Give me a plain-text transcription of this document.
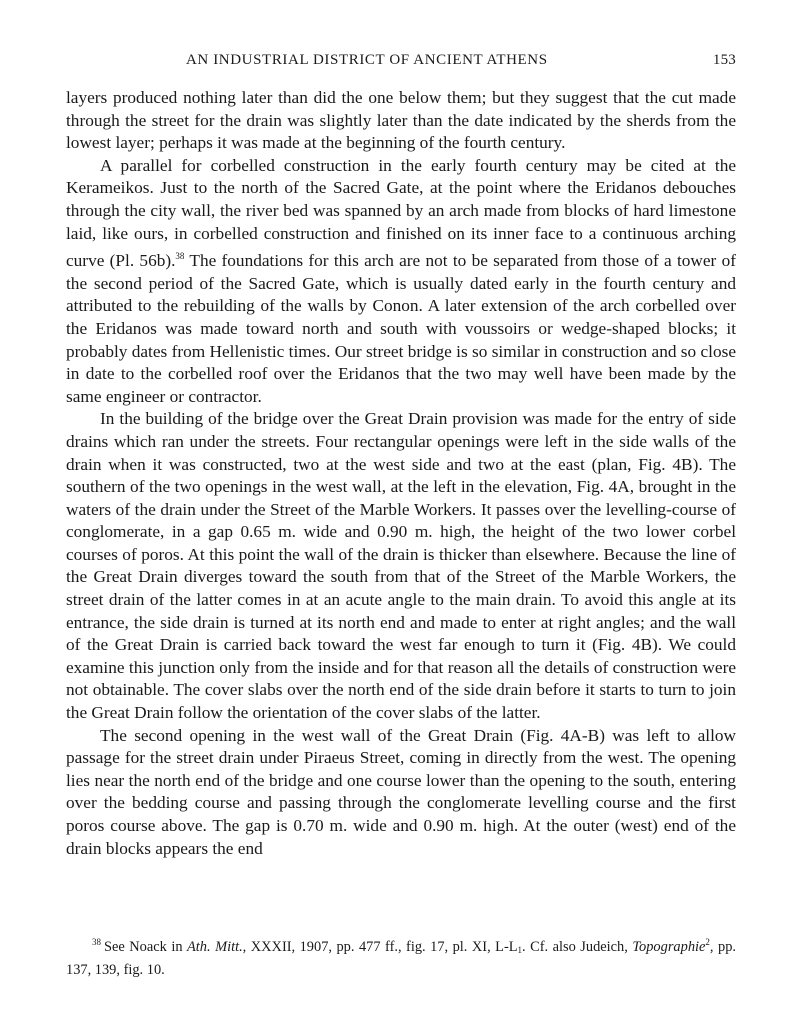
AN INDUSTRIAL DISTRICT OF ANCIENT ATHENS	153

layers produced nothing later than did the one below them; but they suggest that the cut made through the street for the drain was slightly later than the date indicated by the sherds from the lowest layer; perhaps it was made at the beginning of the fourth century.

A parallel for corbelled construction in the early fourth century may be cited at the Kerameikos. Just to the north of the Sacred Gate, at the point where the Eridanos debouches through the city wall, the river bed was spanned by an arch made from blocks of hard limestone laid, like ours, in corbelled construction and finished on its inner face to a continuous arching curve (Pl. 56b).$^{38}$ The foundations for this arch are not to be separated from those of a tower of the second period of the Sacred Gate, which is usually dated early in the fourth century and attributed to the rebuilding of the walls by Conon. A later extension of the arch corbelled over the Eridanos was made toward north and south with voussoirs or wedge-shaped blocks; it probably dates from Hellenistic times. Our street bridge is so similar in construction and so close in date to the corbelled roof over the Eridanos that the two may well have been made by the same engineer or contractor.

In the building of the bridge over the Great Drain provision was made for the entry of side drains which ran under the streets. Four rectangular openings were left in the side walls of the drain when it was constructed, two at the west side and two at the east (plan, Fig. 4B). The southern of the two openings in the west wall, at the left in the elevation, Fig. 4A, brought in the waters of the drain under the Street of the Marble Workers. It passes over the levelling-course of conglomerate, in a gap 0.65 m. wide and 0.90 m. high, the height of the two lower corbel courses of poros. At this point the wall of the drain is thicker than elsewhere. Because the line of the Great Drain diverges toward the south from that of the Street of the Marble Workers, the street drain of the latter comes in at an acute angle to the main drain. To avoid this angle at its entrance, the side drain is turned at its north end and made to enter at right angles; and the wall of the Great Drain is carried back toward the west far enough to turn it (Fig. 4B). We could examine this junction only from the inside and for that reason all the details of construction were not obtainable. The cover slabs over the north end of the side drain before it starts to turn to join the Great Drain follow the orientation of the cover slabs of the latter.

The second opening in the west wall of the Great Drain (Fig. 4A-B) was left to allow passage for the street drain under Piraeus Street, coming in directly from the west. The opening lies near the north end of the bridge and one course lower than the opening to the south, entering over the bedding course and passing through the conglomerate levelling course and the first poros course above. The gap is 0.70 m. wide and 0.90 m. high. At the outer (west) end of the drain blocks appears the end

$^{38}$ See Noack in Ath. Mitt., XXXII, 1907, pp. 477 ff., fig. 17, pl. XI, $L-L_1$. Cf. also Judeich, Topographie$^2$, pp. 137, 139, fig. 10.
